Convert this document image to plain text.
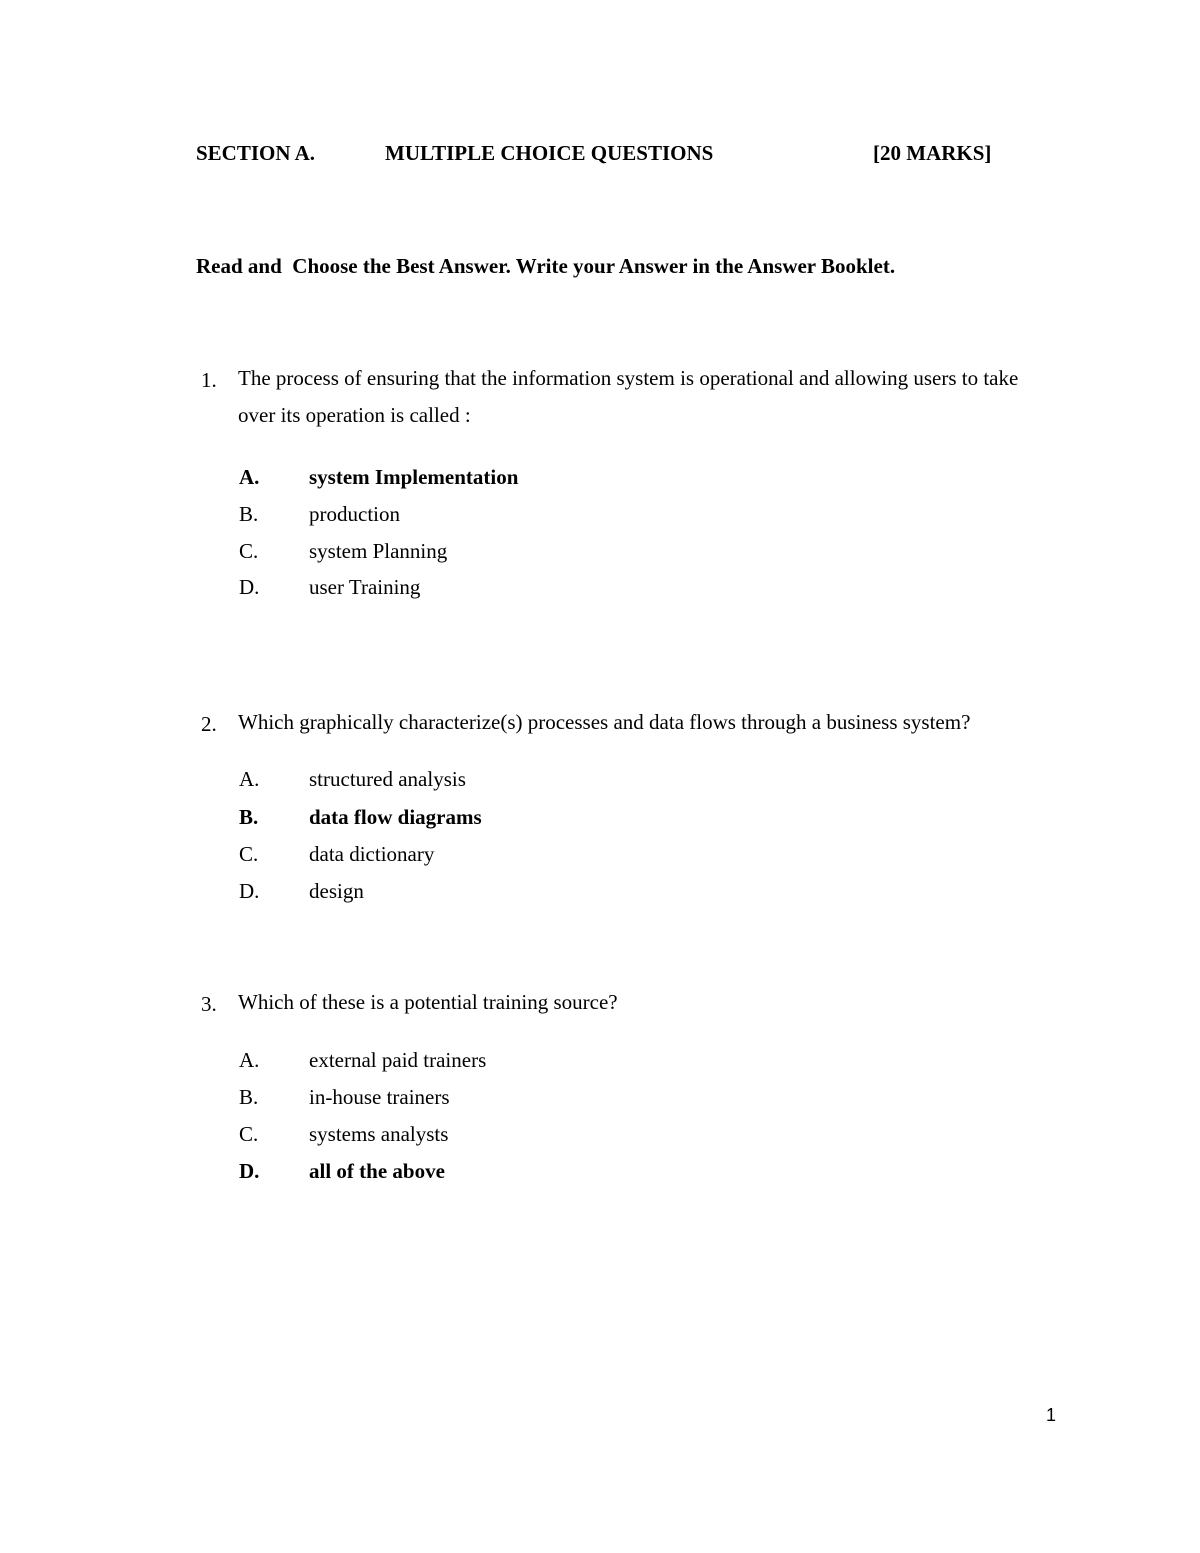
SECTION A.	MULTIPLE CHOICE QUESTIONS	[20 MARKS]
Read and  Choose the Best Answer. Write your Answer in the Answer Booklet.
1. The process of ensuring that the information system is operational and allowing users to take over its operation is called :
A. system Implementation
B. production
C. system Planning
D. user Training
2. Which graphically characterize(s) processes and data flows through a business system?
A. structured analysis
B. data flow diagrams
C. data dictionary
D. design
3. Which of these is a potential training source?
A. external paid trainers
B. in-house trainers
C. systems analysts
D. all of the above
1
